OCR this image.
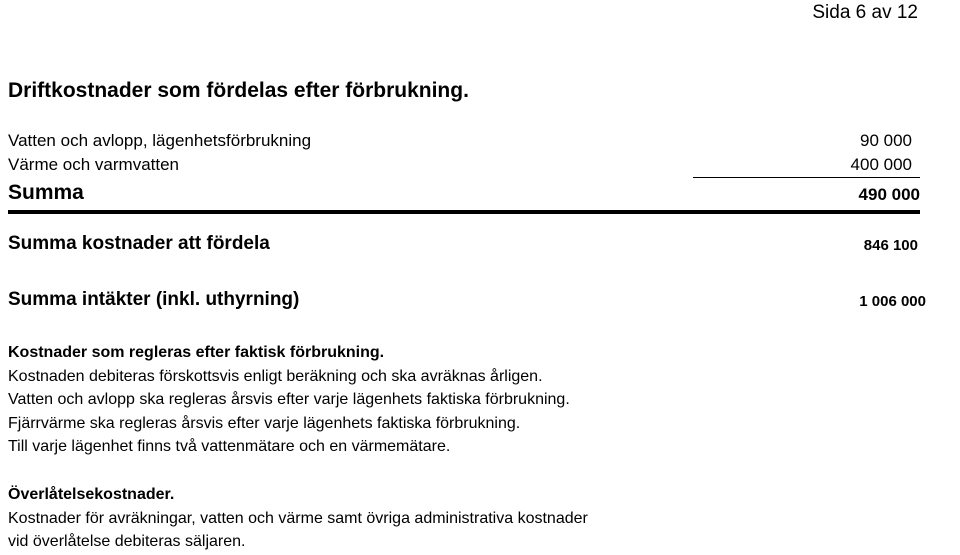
Sida 6 av 12
Driftkostnader som fördelas efter förbrukning.
Vatten och avlopp, lägenhetsförbrukning	90 000
Värme och varmvatten	400 000
Summa	490 000
Summa kostnader att fördela	846 100
Summa intäkter (inkl. uthyrning)	1 006 000
Kostnader som regleras efter faktisk förbrukning.
Kostnaden debiteras förskottsvis enligt beräkning och ska avräknas årligen.
Vatten och avlopp ska regleras årsvis efter varje lägenhets faktiska förbrukning.
Fjärrvärme ska regleras årsvis efter varje lägenhets faktiska förbrukning.
Till varje lägenhet finns två vattenmätare och en värmemätare.
Överlåtelsekostnader.
Kostnader för avräkningar, vatten och värme samt övriga administrativa kostnader
vid överlåtelse debiteras säljaren.
